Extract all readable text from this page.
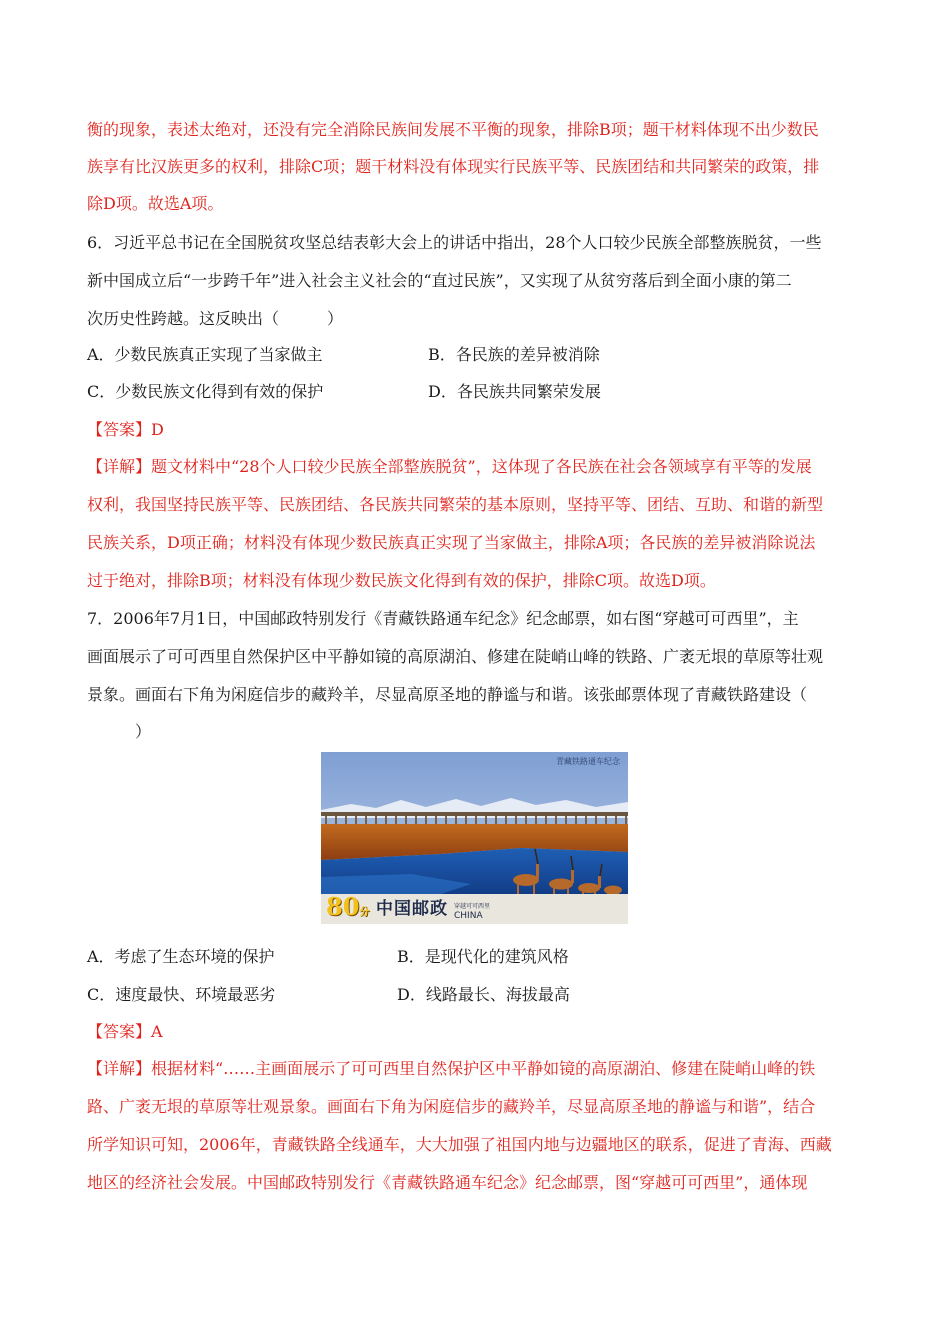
衡的现象，表述太绝对，还没有完全消除民族间发展不平衡的现象，排除B项；题干材料体现不出少数民
族享有比汉族更多的权利，排除C项；题干材料没有体现实行民族平等、民族团结和共同繁荣的政策，排
除D项。故选A项。
6．习近平总书记在全国脱贫攻坚总结表彰大会上的讲话中指出，28个人口较少民族全部整族脱贫，一些
新中国成立后“一步跨千年”进入社会主义社会的“直过民族”，又实现了从贫穷落后到全面小康的第二
次历史性跨越。这反映出（　　　）
A．少数民族真正实现了当家做主	B．各民族的差异被消除
C．少数民族文化得到有效的保护	D．各民族共同繁荣发展
【答案】D
【详解】题文材料中“28个人口较少民族全部整族脱贫”，这体现了各民族在社会各领域享有平等的发展
权利，我国坚持民族平等、民族团结、各民族共同繁荣的基本原则，坚持平等、团结、互助、和谐的新型
民族关系，D项正确；材料没有体现少数民族真正实现了当家做主，排除A项；各民族的差异被消除说法
过于绝对，排除B项；材料没有体现少数民族文化得到有效的保护，排除C项。故选D项。
7．2006年7月1日，中国邮政特别发行《青藏铁路通车纪念》纪念邮票，如右图“穿越可可西里”，主
画面展示了可可西里自然保护区中平静如镜的高原湖泊、修建在陡峭山峰的铁路、广袤无垠的草原等壮观
景象。画面右下角为闲庭信步的藏羚羊，尽显高原圣地的静谧与和谐。该张邮票体现了青藏铁路建设（
　　　）
青藏铁路通车纪念
80分 中国邮政 穿越可可西里
CHINA
A．考虑了生态环境的保护	B．是现代化的建筑风格
C．速度最快、环境最恶劣	D．线路最长、海拔最高
【答案】A
【详解】根据材料“……主画面展示了可可西里自然保护区中平静如镜的高原湖泊、修建在陡峭山峰的铁
路、广袤无垠的草原等壮观景象。画面右下角为闲庭信步的藏羚羊，尽显高原圣地的静谧与和谐”，结合
所学知识可知，2006年，青藏铁路全线通车，大大加强了祖国内地与边疆地区的联系，促进了青海、西藏
地区的经济社会发展。中国邮政特别发行《青藏铁路通车纪念》纪念邮票，图“穿越可可西里”，通体现
